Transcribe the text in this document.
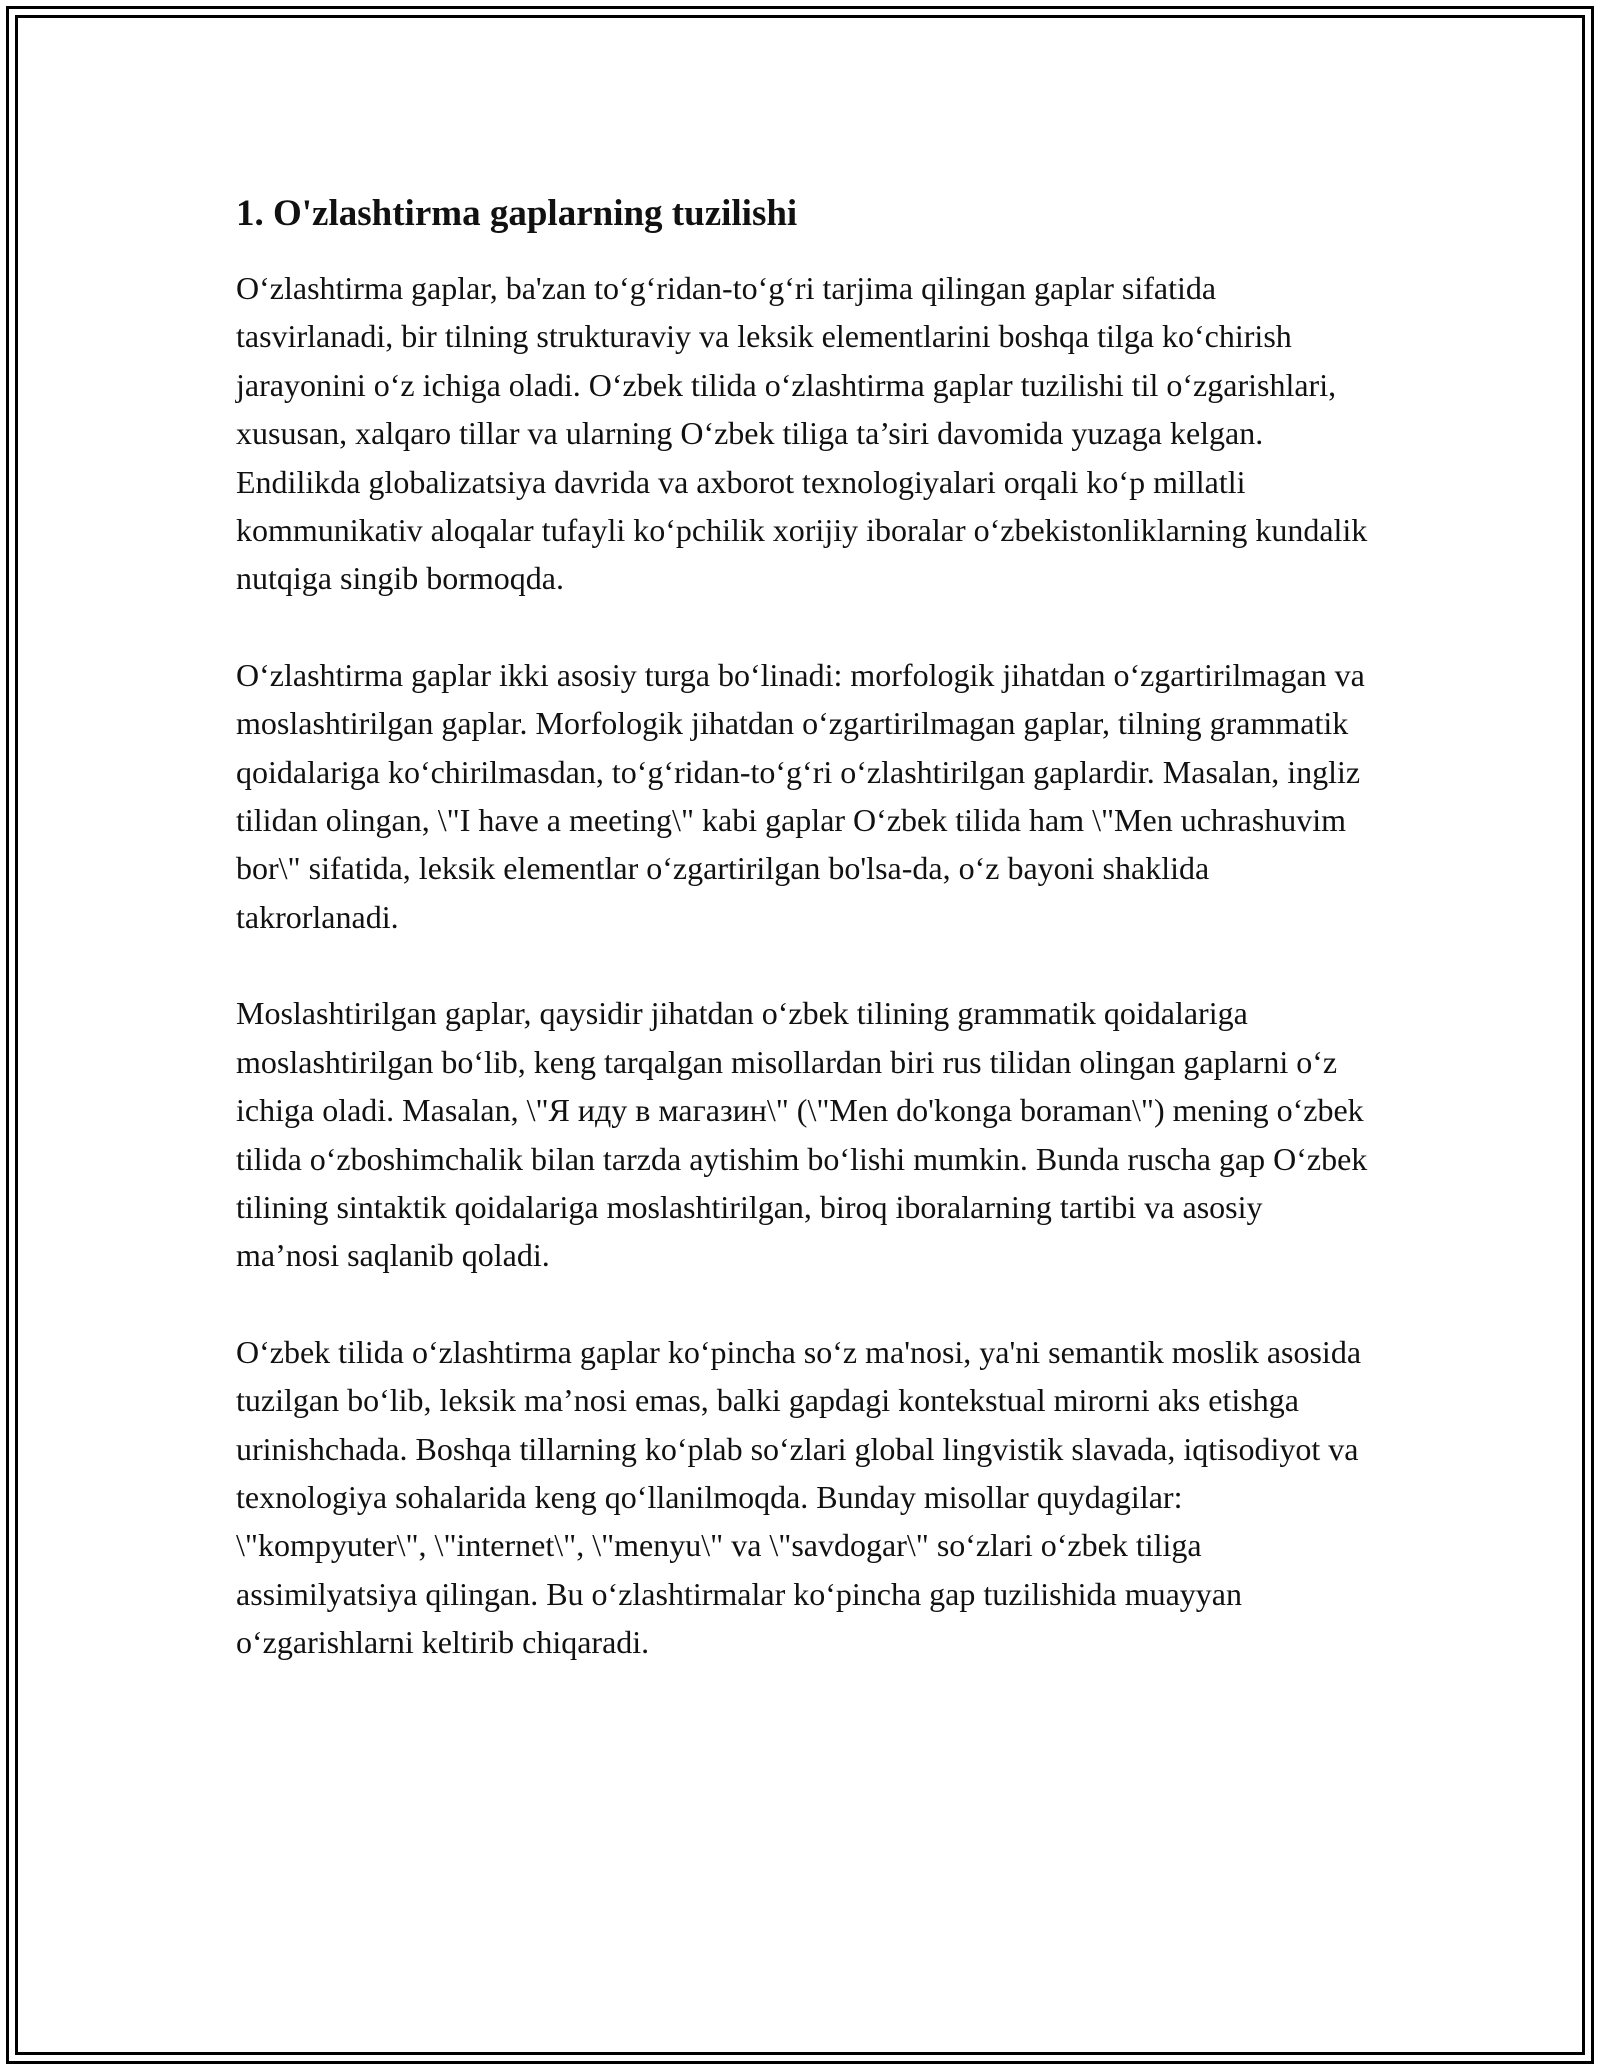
1. O'zlashtirma gaplarning tuzilishi

O‘zlashtirma gaplar, ba'zan to‘g‘ridan-to‘g‘ri tarjima qilingan gaplar sifatida tasvirlanadi, bir tilning strukturaviy va leksik elementlarini boshqa tilga ko‘chirish jarayonini o‘z ichiga oladi. O‘zbek tilida o‘zlashtirma gaplar tuzilishi til o‘zgarishlari, xususan, xalqaro tillar va ularning O‘zbek tiliga ta’siri davomida yuzaga kelgan. Endilikda globalizatsiya davrida va axborot texnologiyalari orqali ko‘p millatli kommunikativ aloqalar tufayli ko‘pchilik xorijiy iboralar o‘zbekistonliklarning kundalik nutqiga singib bormoqda.

O‘zlashtirma gaplar ikki asosiy turga bo‘linadi: morfologik jihatdan o‘zgartirilmagan va moslashtirilgan gaplar. Morfologik jihatdan o‘zgartirilmagan gaplar, tilning grammatik qoidalariga ko‘chirilmasdan, to‘g‘ridan-to‘g‘ri o‘zlashtirilgan gaplardir. Masalan, ingliz tilidan olingan, \"I have a meeting\" kabi gaplar O‘zbek tilida ham \"Men uchrashuvim bor\" sifatida, leksik elementlar o‘zgartirilgan bo'lsa-da, o‘z bayoni shaklida takrorlanadi.

Moslashtirilgan gaplar, qaysidir jihatdan o‘zbek tilining grammatik qoidalariga moslashtirilgan bo‘lib, keng tarqalgan misollardan biri rus tilidan olingan gaplarni o‘z ichiga oladi. Masalan, \"Я иду в магазин\" (\"Men do'konga boraman\") mening o‘zbek tilida o‘zboshimchalik bilan tarzda aytishim bo‘lishi mumkin. Bunda ruscha gap O‘zbek tilining sintaktik qoidalariga moslashtirilgan, biroq iboralarning tartibi va asosiy ma’nosi saqlanib qoladi.

O‘zbek tilida o‘zlashtirma gaplar ko‘pincha so‘z ma'nosi, ya'ni semantik moslik asosida tuzilgan bo‘lib, leksik ma’nosi emas, balki gapdagi kontekstual mirorni aks etishga urinishchada. Boshqa tillarning ko‘plab so‘zlari global lingvistik slavada, iqtisodiyot va texnologiya sohalarida keng qo‘llanilmoqda. Bunday misollar quydagilar: \"kompyuter\", \"internet\", \"menyu\" va \"savdogar\" so‘zlari o‘zbek tiliga assimilyatsiya qilingan. Bu o‘zlashtirmalar ko‘pincha gap tuzilishida muayyan o‘zgarishlarni keltirib chiqaradi.
